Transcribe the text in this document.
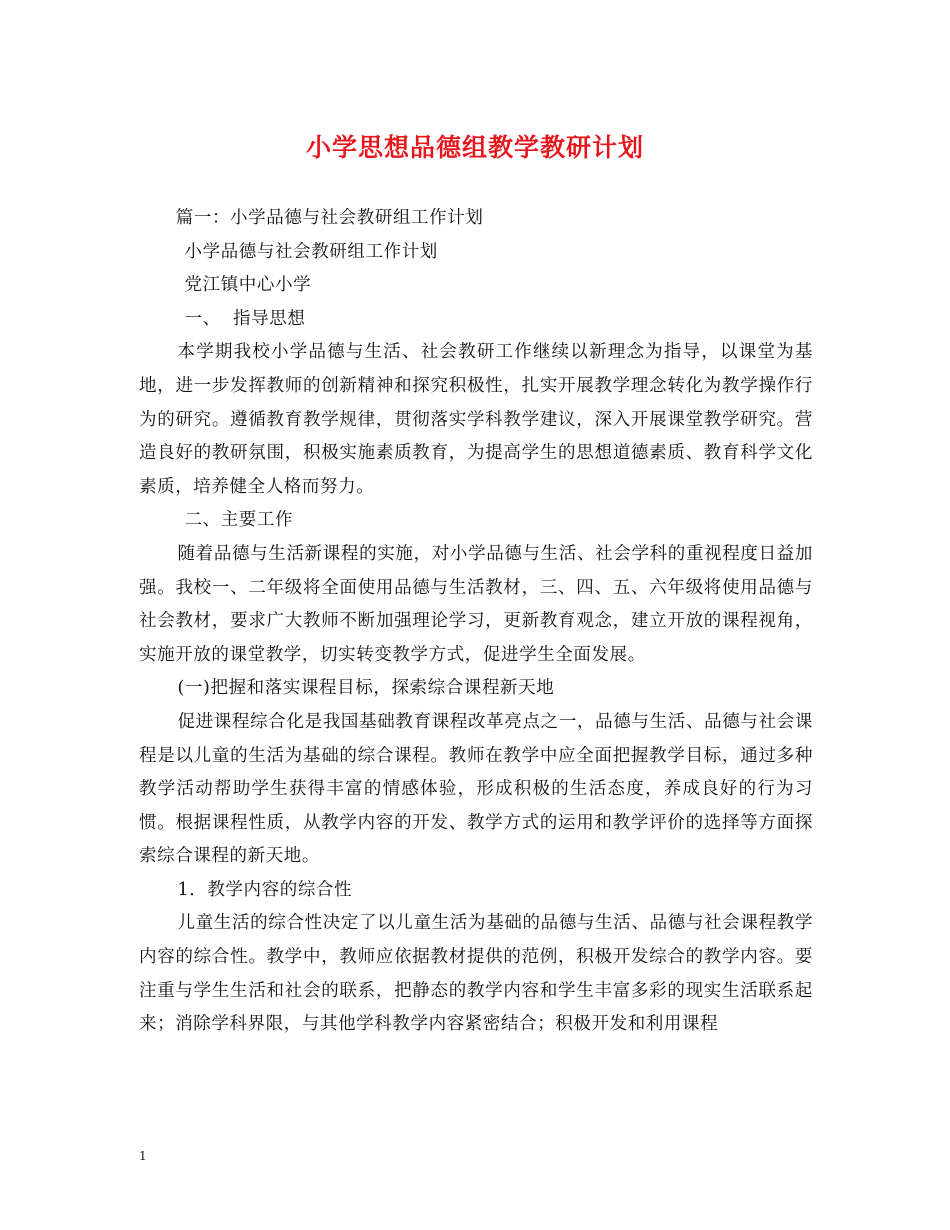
小学思想品德组教学教研计划

篇一：小学品德与社会教研组工作计划

小学品德与社会教研组工作计划

党江镇中心小学

一、  指导思想

本学期我校小学品德与生活、社会教研工作继续以新理念为指导，以课堂为基地，进一步发挥教师的创新精神和探究积极性，扎实开展教学理念转化为教学操作行为的研究。遵循教育教学规律，贯彻落实学科教学建议，深入开展课堂教学研究。营造良好的教研氛围，积极实施素质教育，为提高学生的思想道德素质、教育科学文化素质，培养健全人格而努力。

二、主要工作

随着品德与生活新课程的实施，对小学品德与生活、社会学科的重视程度日益加强。我校一、二年级将全面使用品德与生活教材，三、四、五、六年级将使用品德与社会教材，要求广大教师不断加强理论学习，更新教育观念，建立开放的课程视角，实施开放的课堂教学，切实转变教学方式，促进学生全面发展。

(一)把握和落实课程目标，探索综合课程新天地

促进课程综合化是我国基础教育课程改革亮点之一，品德与生活、品德与社会课程是以儿童的生活为基础的综合课程。教师在教学中应全面把握教学目标，通过多种教学活动帮助学生获得丰富的情感体验，形成积极的生活态度，养成良好的行为习惯。根据课程性质，从教学内容的开发、教学方式的运用和教学评价的选择等方面探索综合课程的新天地。

1．教学内容的综合性

儿童生活的综合性决定了以儿童生活为基础的品德与生活、品德与社会课程教学内容的综合性。教学中，教师应依据教材提供的范例，积极开发综合的教学内容。要注重与学生生活和社会的联系，把静态的教学内容和学生丰富多彩的现实生活联系起来；消除学科界限，与其他学科教学内容紧密结合；积极开发和利用课程

1
